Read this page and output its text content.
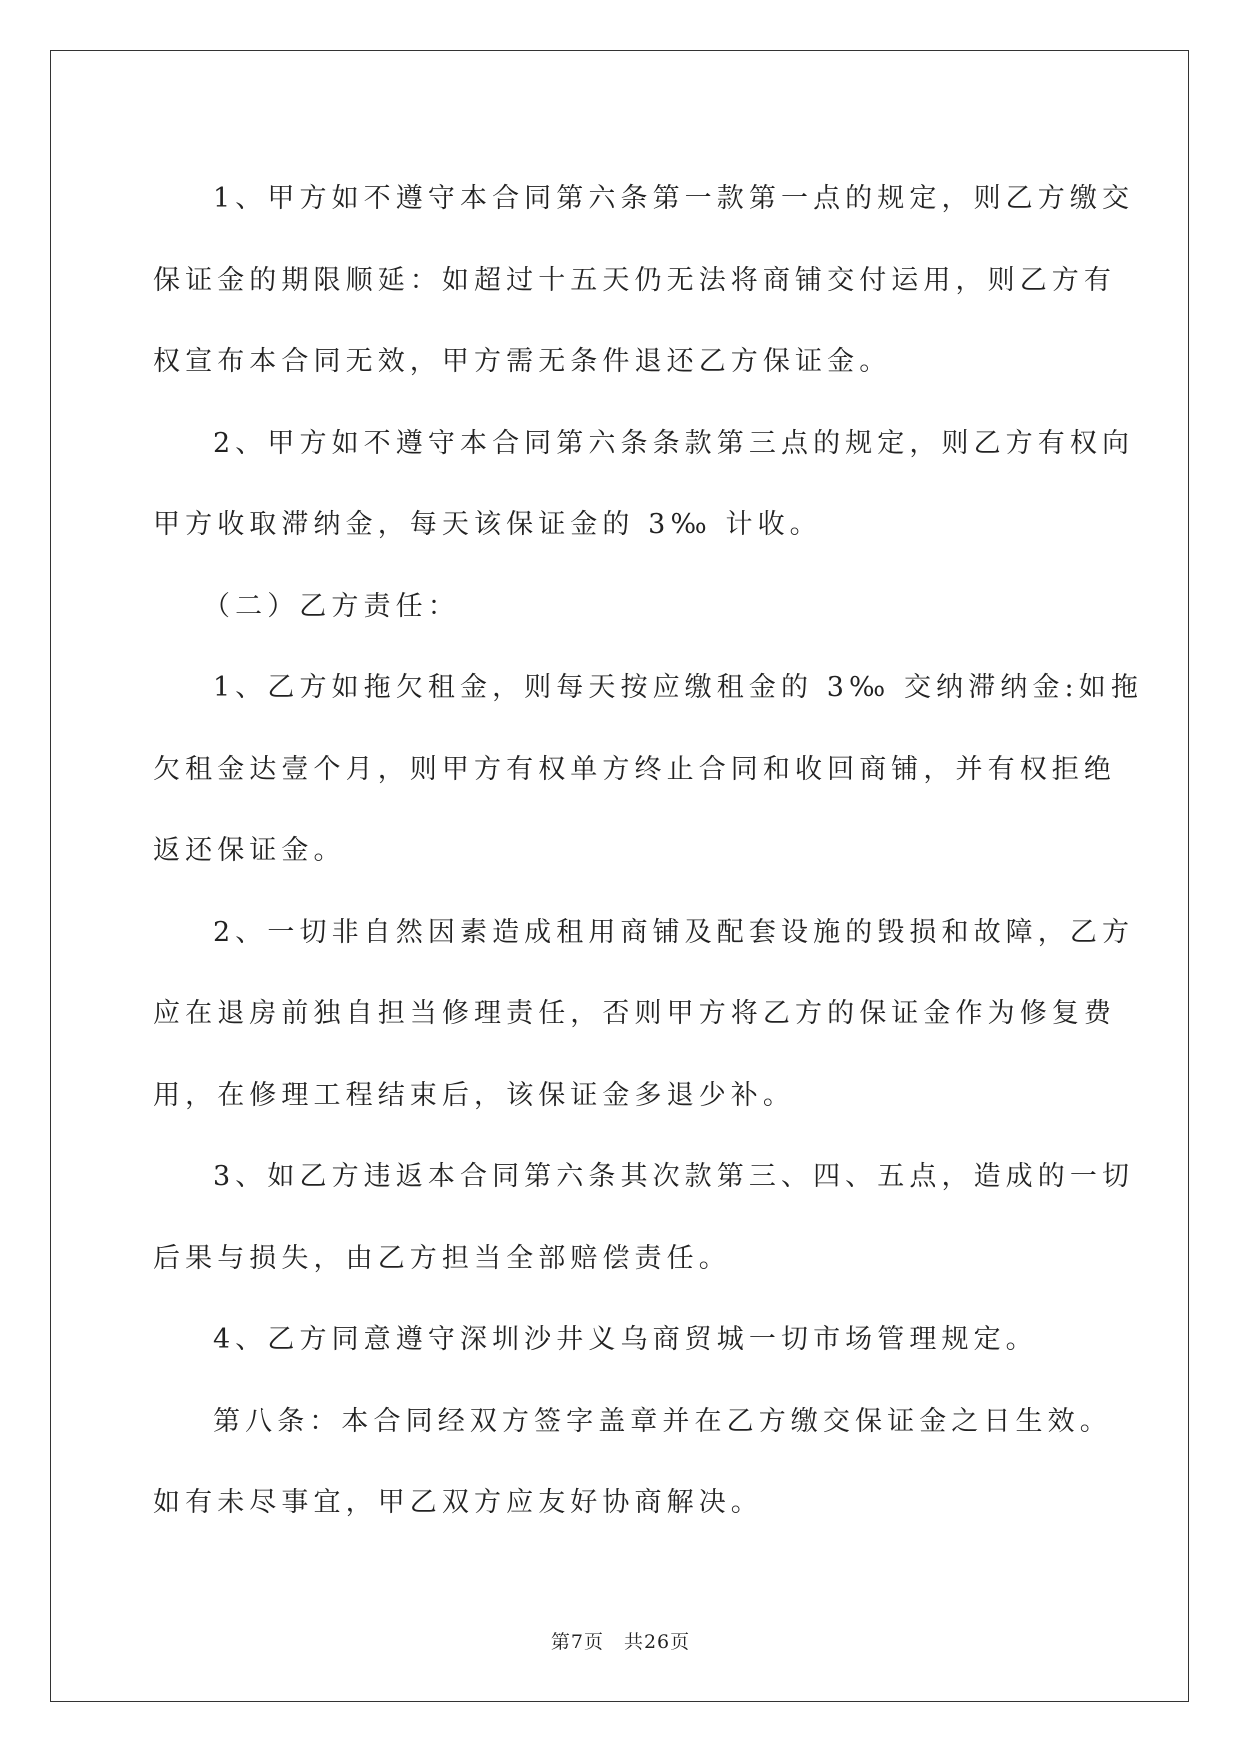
1、甲方如不遵守本合同第六条第一款第一点的规定，则乙方缴交
保证金的期限顺延：如超过十五天仍无法将商铺交付运用，则乙方有
权宣布本合同无效，甲方需无条件退还乙方保证金。

2、甲方如不遵守本合同第六条条款第三点的规定，则乙方有权向
甲方收取滞纳金，每天该保证金的 3‰ 计收。

（二）乙方责任：

1、乙方如拖欠租金，则每天按应缴租金的 3‰ 交纳滞纳金:如拖
欠租金达壹个月，则甲方有权单方终止合同和收回商铺，并有权拒绝
返还保证金。

2、一切非自然因素造成租用商铺及配套设施的毁损和故障，乙方
应在退房前独自担当修理责任，否则甲方将乙方的保证金作为修复费
用，在修理工程结束后，该保证金多退少补。

3、如乙方违返本合同第六条其次款第三、四、五点，造成的一切
后果与损失，由乙方担当全部赔偿责任。

4、乙方同意遵守深圳沙井义乌商贸城一切市场管理规定。

第八条：本合同经双方签字盖章并在乙方缴交保证金之日生效。
如有未尽事宜，甲乙双方应友好协商解决。

第7页　共26页
